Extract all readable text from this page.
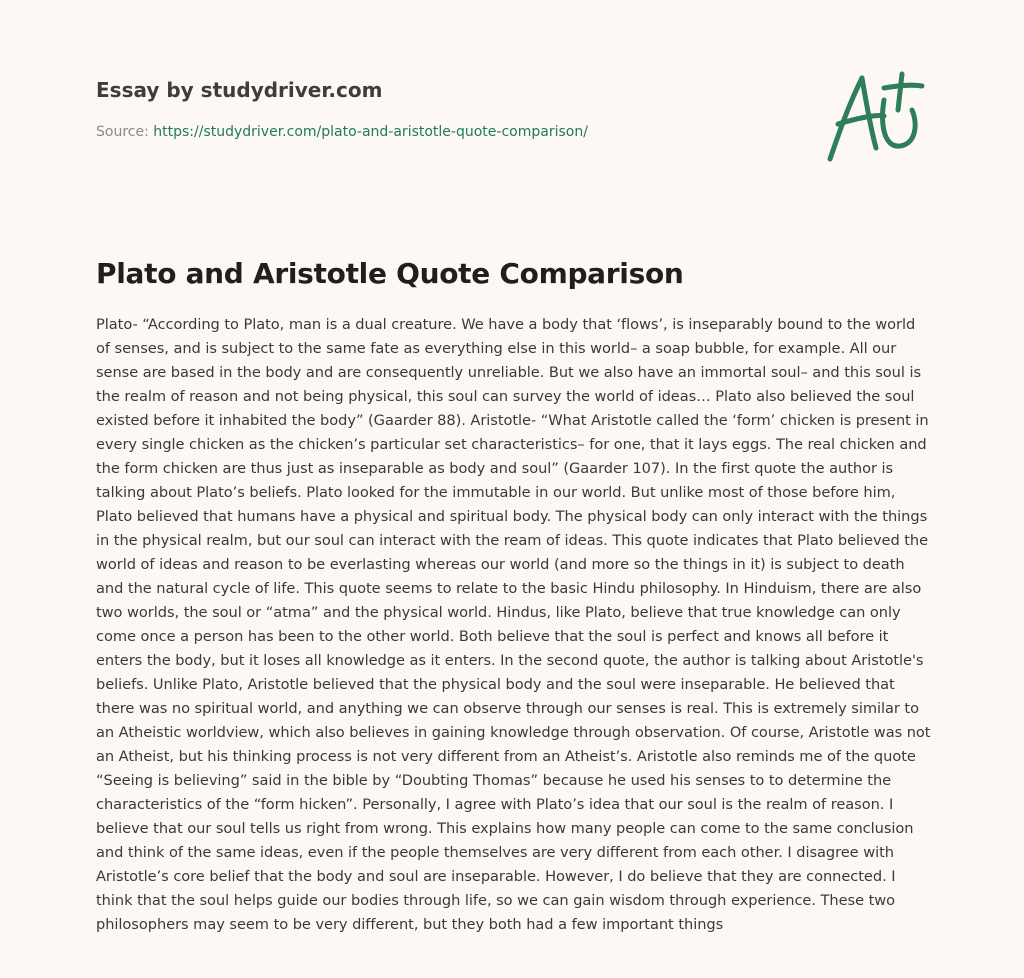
Essay by studydriver.com
Source: https://studydriver.com/plato-and-aristotle-quote-comparison/
Plato and Aristotle Quote Comparison

Plato- “According to Plato, man is a dual creature. We have a body that ‘flows’, is inseparably bound to the world of senses, and is subject to the same fate as everything else in this world– a soap bubble, for example. All our sense are based in the body and are consequently unreliable. But we also have an immortal soul– and this soul is the realm of reason and not being physical, this soul can survey the world of ideas… Plato also believed the soul existed before it inhabited the body” (Gaarder 88). Aristotle- “What Aristotle called the ‘form’ chicken is present in every single chicken as the chicken’s particular set characteristics– for one, that it lays eggs. The real chicken and the form chicken are thus just as inseparable as body and soul” (Gaarder 107). In the first quote the author is talking about Plato’s beliefs. Plato looked for the immutable in our world. But unlike most of those before him, Plato believed that humans have a physical and spiritual body. The physical body can only interact with the things in the physical realm, but our soul can interact with the ream of ideas. This quote indicates that Plato believed the world of ideas and reason to be everlasting whereas our world (and more so the things in it) is subject to death and the natural cycle of life. This quote seems to relate to the basic Hindu philosophy. In Hinduism, there are also two worlds, the soul or “atma” and the physical world. Hindus, like Plato, believe that true knowledge can only come once a person has been to the other world. Both believe that the soul is perfect and knows all before it enters the body, but it loses all knowledge as it enters. In the second quote, the author is talking about Aristotle's beliefs. Unlike Plato, Aristotle believed that the physical body and the soul were inseparable. He believed that there was no spiritual world, and anything we can observe through our senses is real. This is extremely similar to an Atheistic worldview, which also believes in gaining knowledge through observation. Of course, Aristotle was not an Atheist, but his thinking process is not very different from an Atheist’s. Aristotle also reminds me of the quote “Seeing is believing” said in the bible by “Doubting Thomas” because he used his senses to to determine the characteristics of the “form hicken”. Personally, I agree with Plato’s idea that our soul is the realm of reason. I believe that our soul tells us right from wrong. This explains how many people can come to the same conclusion and think of the same ideas, even if the people themselves are very different from each other. I disagree with Aristotle’s core belief that the body and soul are inseparable. However, I do believe that they are connected. I think that the soul helps guide our bodies through life, so we can gain wisdom through experience. These two philosophers may seem to be very different, but they both had a few important things
